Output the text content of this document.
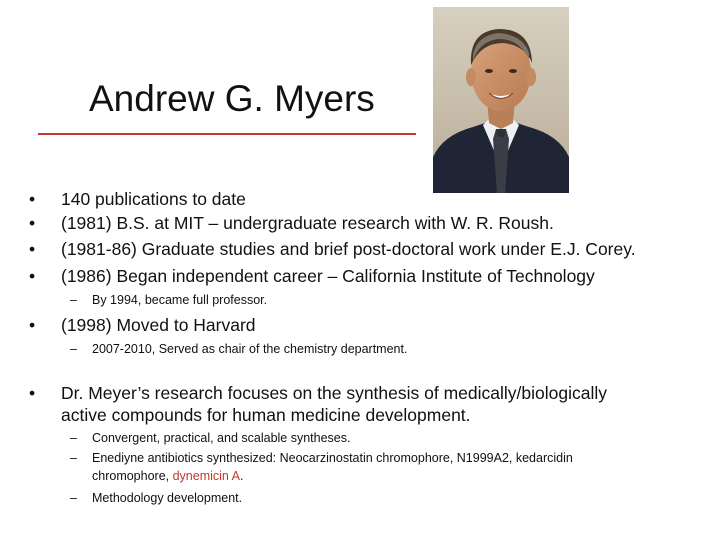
Andrew G. Myers
• 140 publications to date
• (1981) B.S. at MIT – undergraduate research with W. R. Roush.
• (1981-86) Graduate studies and brief post-doctoral work under E.J. Corey.
• (1986) Began independent career – California Institute of Technology
– By 1994, became full professor.
• (1998) Moved to Harvard
– 2007-2010, Served as chair of the chemistry department.
• Dr. Meyer’s research focuses on the synthesis of medically/biologically
active compounds for human medicine development.
– Convergent, practical, and scalable syntheses.
– Enediyne antibiotics synthesized: Neocarzinostatin chromophore, N1999A2, kedarcidin
chromophore, dynemicin A.
– Methodology development.
